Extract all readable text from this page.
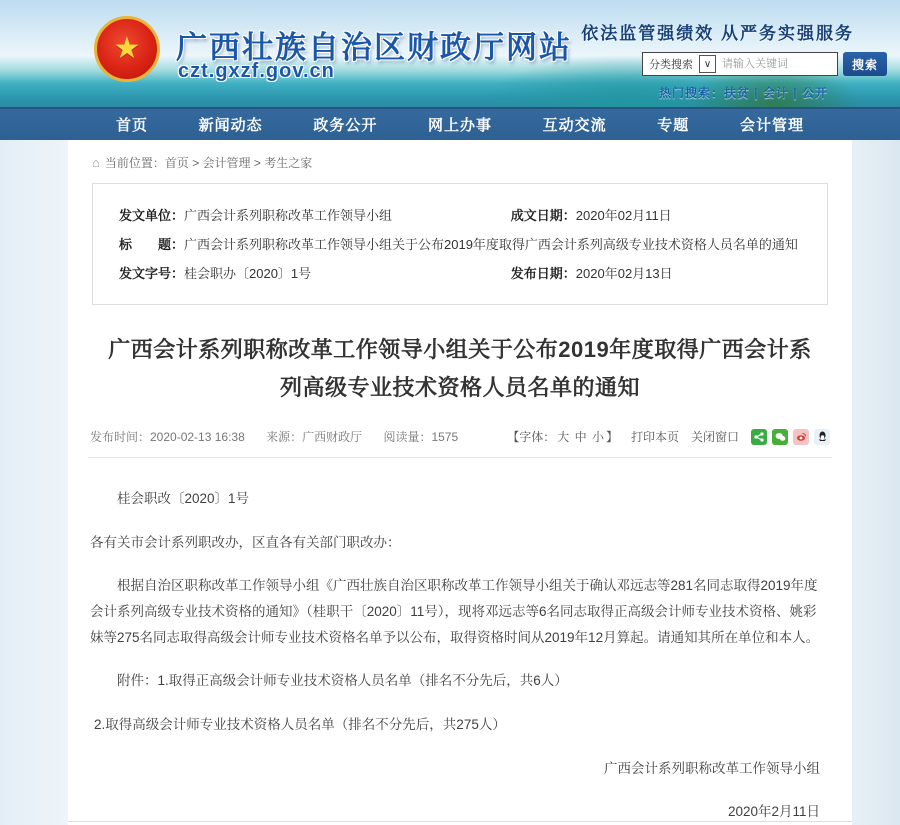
★ 广西壮族自治区财政厅网站
czt.gxzf.gov.cn
依法监管强绩效 从严务实强服务
分类搜索	∨
请输入关键词	搜索
热门搜索：扶贫 | 会计 | 公开
首页	新闻动态	政务公开	网上办事	互动交流	专题	会计管理
⌂ 当前位置：首页 > 会计管理 > 考生之家
发文单位：广西会计系列职称改革工作领导小组	成文日期：2020年02月11日
标　　题：广西会计系列职称改革工作领导小组关于公布2019年度取得广西会计系列高级专业技术资格人员名单的通知
发文字号：桂会职办〔2020〕1号	发布日期：2020年02月13日
广西会计系列职称改革工作领导小组关于公布2019年度取得广西会计系列高级专业技术资格人员名单的通知
发布时间：2020-02-13 16:38 来源：广西财政厅 阅读量：1575	【字体： 大 中 小 】 打印本页 关闭窗口

桂会职改〔2020〕1号

各有关市会计系列职改办，区直各有关部门职改办：

根据自治区职称改革工作领导小组《广西壮族自治区职称改革工作领导小组关于确认邓远志等281名同志取得2019年度会计系列高级专业技术资格的通知》（桂职干〔2020〕11号），现将邓远志等6名同志取得正高级会计师专业技术资格、姚彩妹等275名同志取得高级会计师专业技术资格名单予以公布，取得资格时间从2019年12月算起。请通知其所在单位和本人。

附件：1.取得正高级会计师专业技术资格人员名单（排名不分先后，共6人）

2.取得高级会计师专业技术资格人员名单（排名不分先后，共275人）

广西会计系列职称改革工作领导小组

2020年2月11日
